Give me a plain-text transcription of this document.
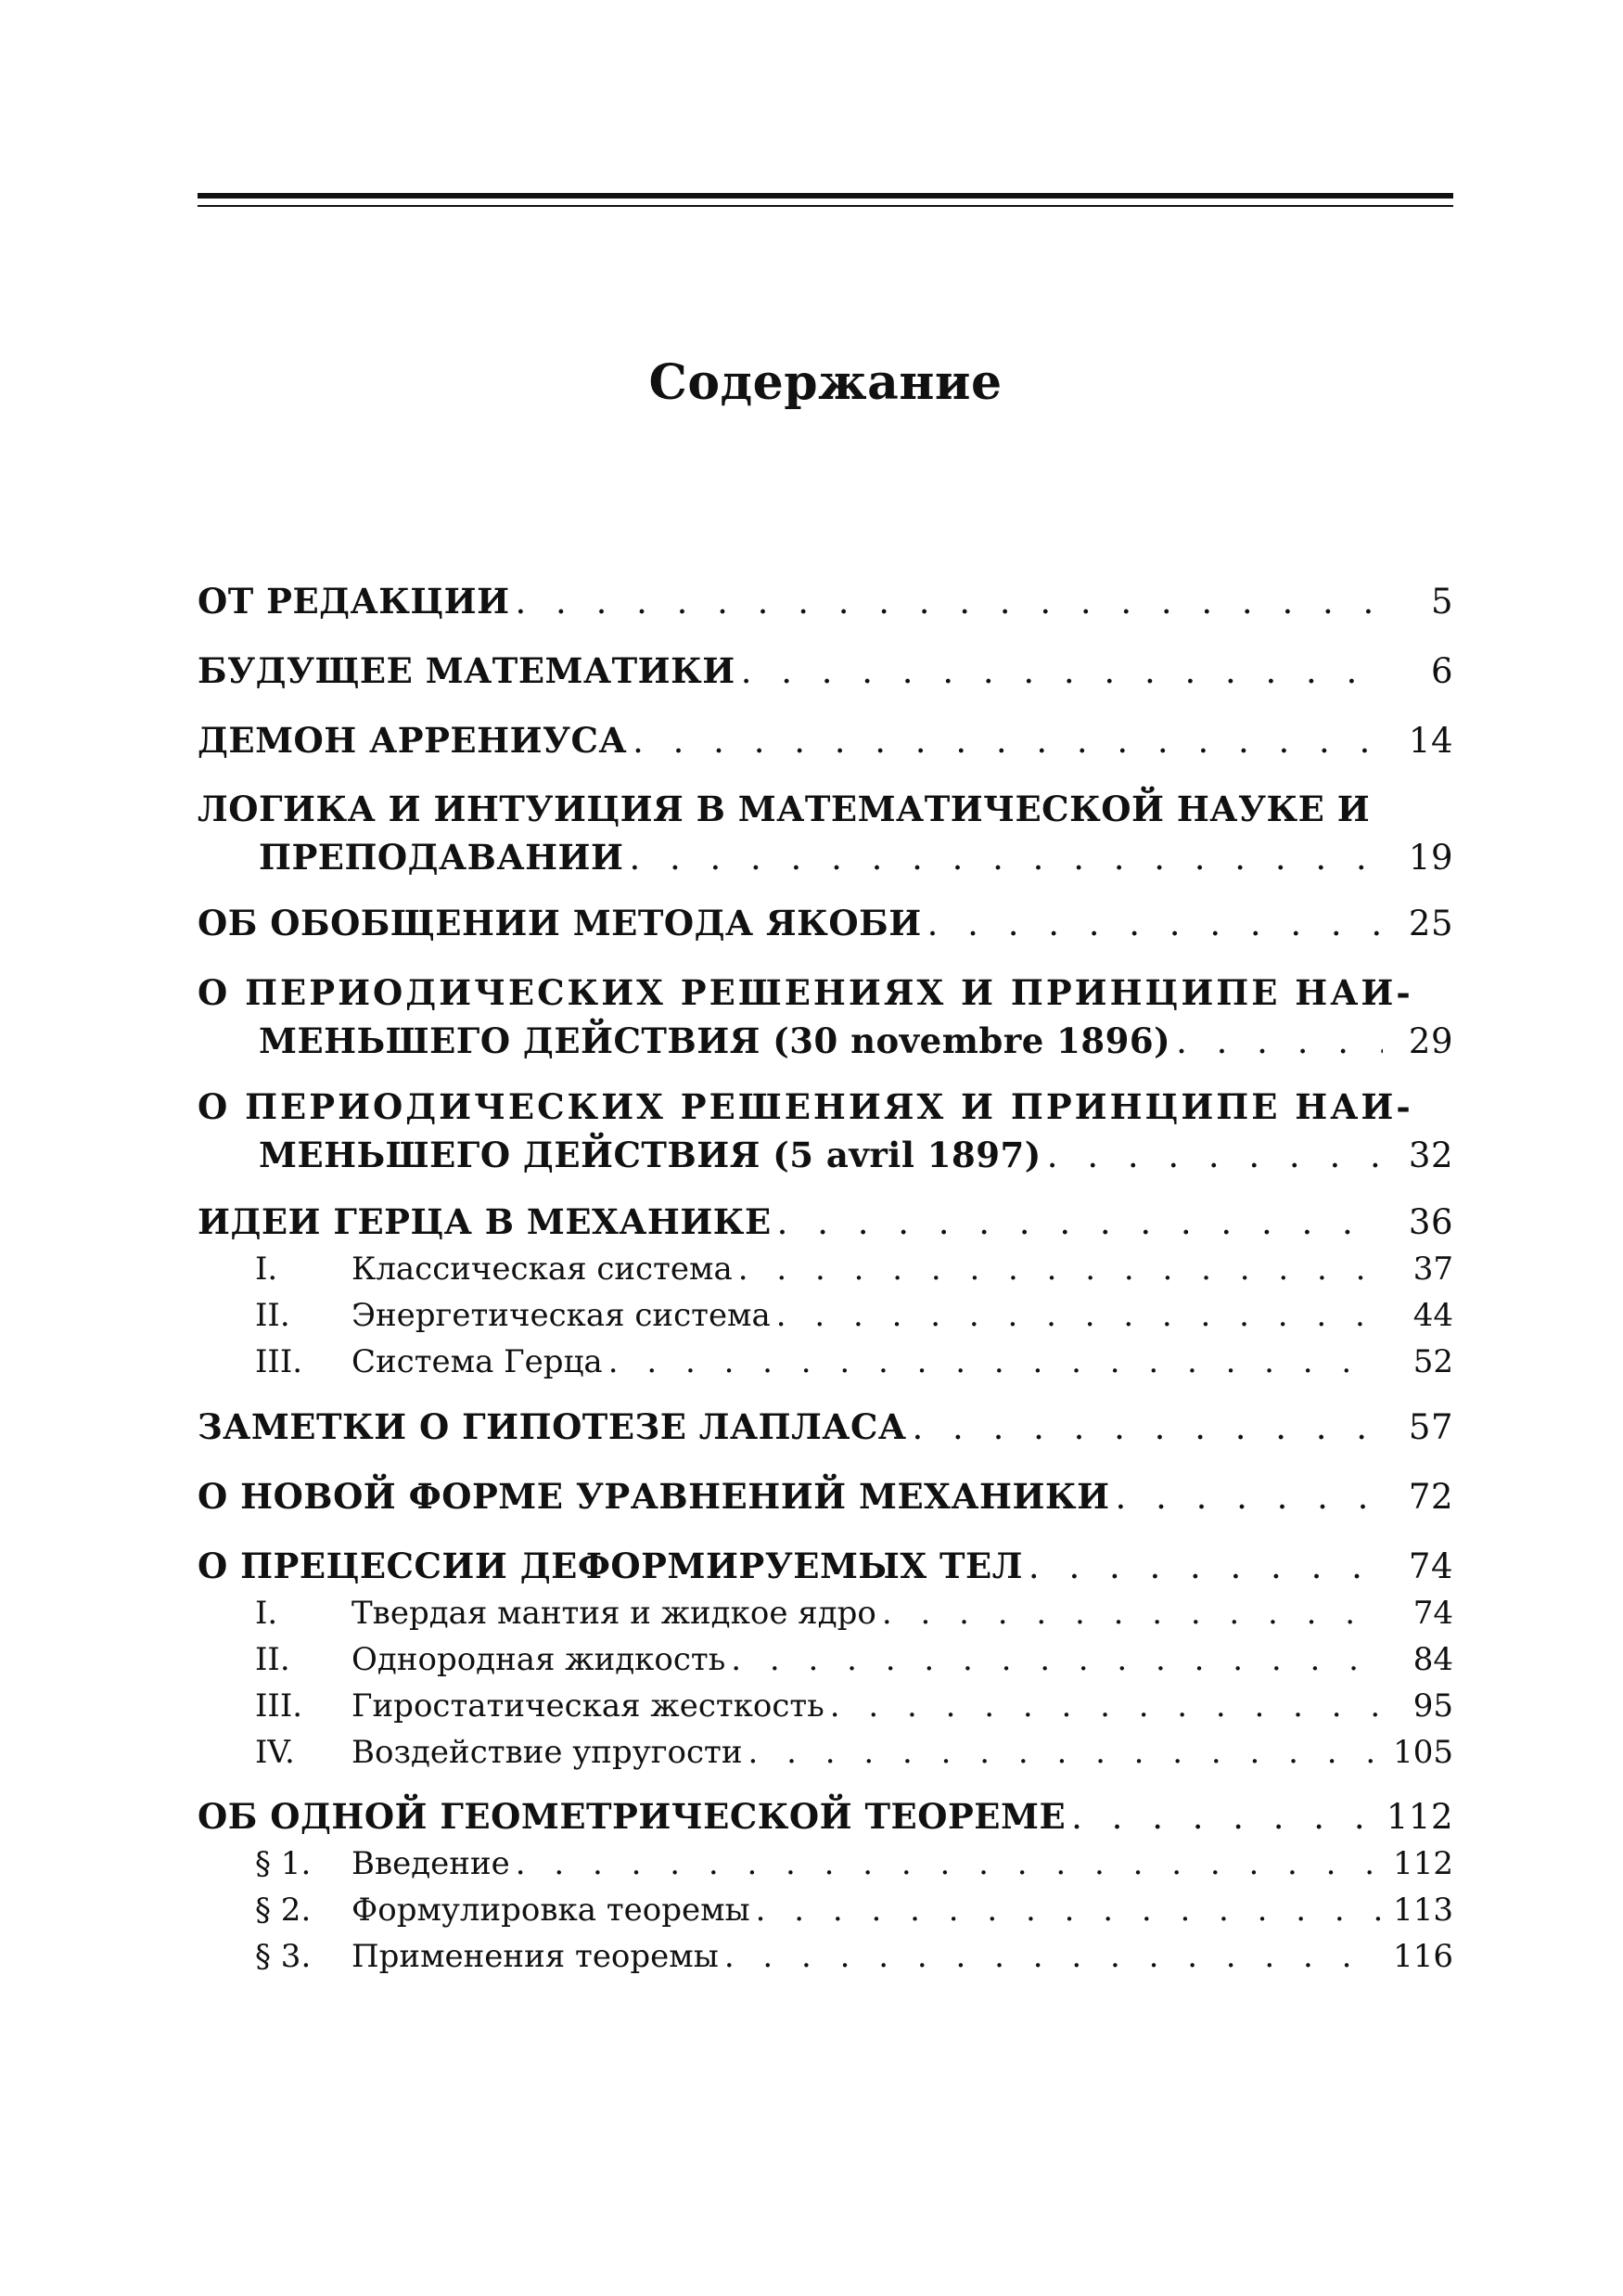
Содержание
ОТ РЕДАКЦИИ . . .	5
БУДУЩЕЕ МАТЕМАТИКИ . . .	6
ДЕМОН АРРЕНИУСА . . .	14
ЛОГИКА И ИНТУИЦИЯ В МАТЕМАТИЧЕСКОЙ НАУКЕ И
ПРЕПОДАВАНИИ . . .	19
ОБ ОБОБЩЕНИИ МЕТОДА ЯКОБИ . . .	25
О ПЕРИОДИЧЕСКИХ РЕШЕНИЯХ И ПРИНЦИПЕ НАИ-
МЕНЬШЕГО ДЕЙСТВИЯ (30 novembre 1896) . . .	29
О ПЕРИОДИЧЕСКИХ РЕШЕНИЯХ И ПРИНЦИПЕ НАИ-
МЕНЬШЕГО ДЕЙСТВИЯ (5 avril 1897) . . .	32
ИДЕИ ГЕРЦА В МЕХАНИКЕ . . .	36
I.	Классическая система . . .	37
II.	Энергетическая система . . .	44
III.	Система Герца . . .	52
ЗАМЕТКИ О ГИПОТЕЗЕ ЛАПЛАСА . . .	57
О НОВОЙ ФОРМЕ УРАВНЕНИЙ МЕХАНИКИ . . .	72
О ПРЕЦЕССИИ ДЕФОРМИРУЕМЫХ ТЕЛ . . .	74
I.	Твердая мантия и жидкое ядро . . .	74
II.	Однородная жидкость . . .	84
III.	Гиростатическая жесткость . . .	95
IV.	Воздействие упругости . . .	105
ОБ ОДНОЙ ГЕОМЕТРИЧЕСКОЙ ТЕОРЕМЕ . . .	112
§ 1.	Введение . . .	112
§ 2.	Формулировка теоремы . . .	113
§ 3.	Применения теоремы . . .	116
